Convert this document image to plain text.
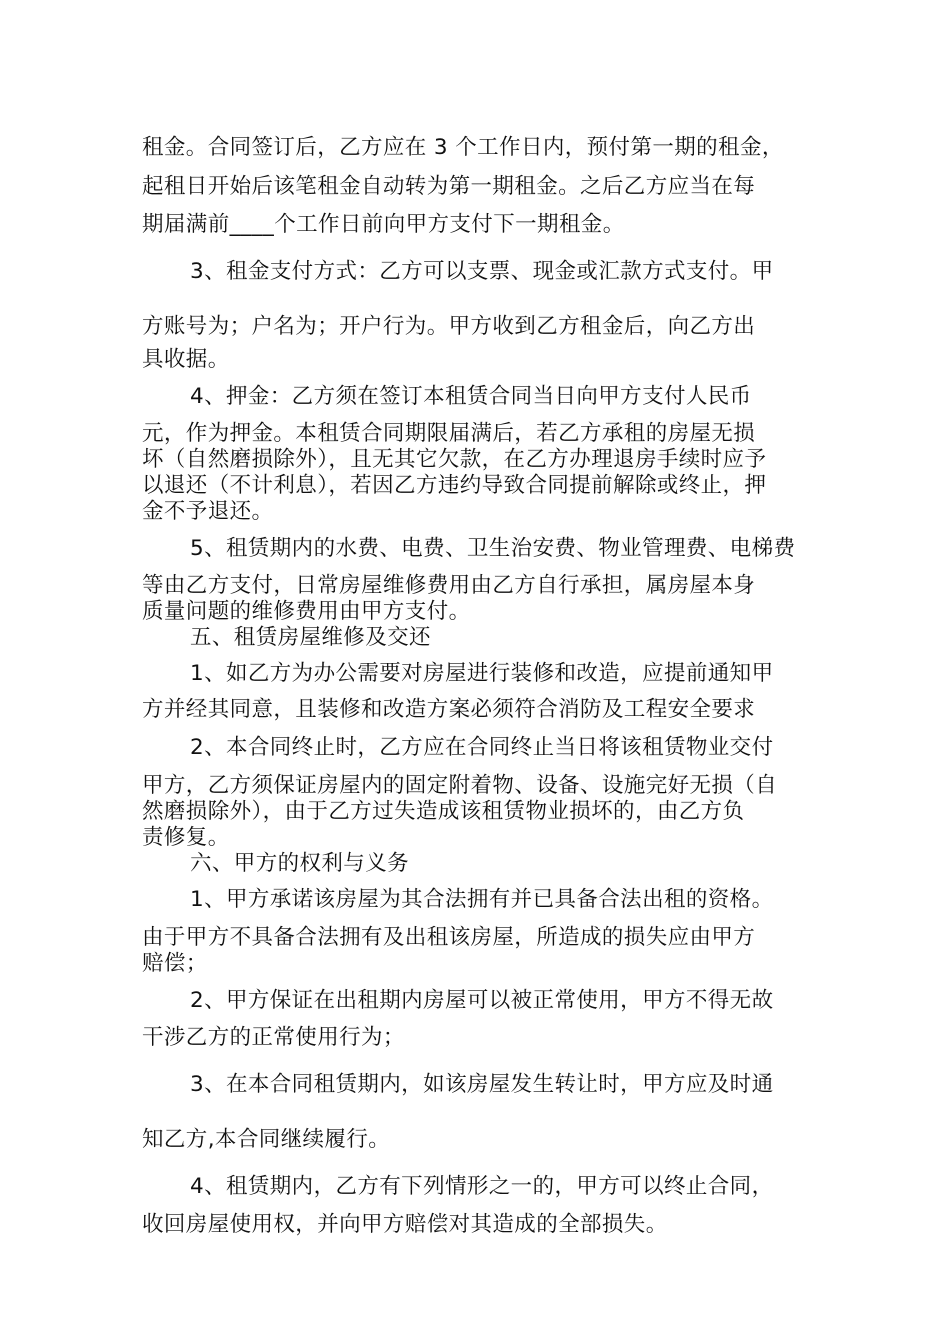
租金。合同签订后，乙方应在 3 个工作日内，预付第一期的租金，
起租日开始后该笔租金自动转为第一期租金。之后乙方应当在每
期届满前____个工作日前向甲方支付下一期租金。
3、租金支付方式：乙方可以支票、现金或汇款方式支付。甲
方账号为；户名为；开户行为。甲方收到乙方租金后，向乙方出
具收据。
4、押金：乙方须在签订本租赁合同当日向甲方支付人民币
元，作为押金。本租赁合同期限届满后，若乙方承租的房屋无损
坏（自然磨损除外），且无其它欠款，在乙方办理退房手续时应予
以退还（不计利息），若因乙方违约导致合同提前解除或终止，押
金不予退还。
5、租赁期内的水费、电费、卫生治安费、物业管理费、电梯费
等由乙方支付，日常房屋维修费用由乙方自行承担，属房屋本身
质量问题的维修费用由甲方支付。
五、租赁房屋维修及交还
1、如乙方为办公需要对房屋进行装修和改造，应提前通知甲
方并经其同意，且装修和改造方案必须符合消防及工程安全要求
2、本合同终止时，乙方应在合同终止当日将该租赁物业交付
甲方，乙方须保证房屋内的固定附着物、设备、设施完好无损（自
然磨损除外），由于乙方过失造成该租赁物业损坏的，由乙方负
责修复。
六、甲方的权利与义务
1、甲方承诺该房屋为其合法拥有并已具备合法出租的资格。
由于甲方不具备合法拥有及出租该房屋，所造成的损失应由甲方
赔偿；
2、甲方保证在出租期内房屋可以被正常使用，甲方不得无故
干涉乙方的正常使用行为；
3、在本合同租赁期内，如该房屋发生转让时，甲方应及时通
知乙方,本合同继续履行。
4、租赁期内，乙方有下列情形之一的，甲方可以终止合同，
收回房屋使用权，并向甲方赔偿对其造成的全部损失。
